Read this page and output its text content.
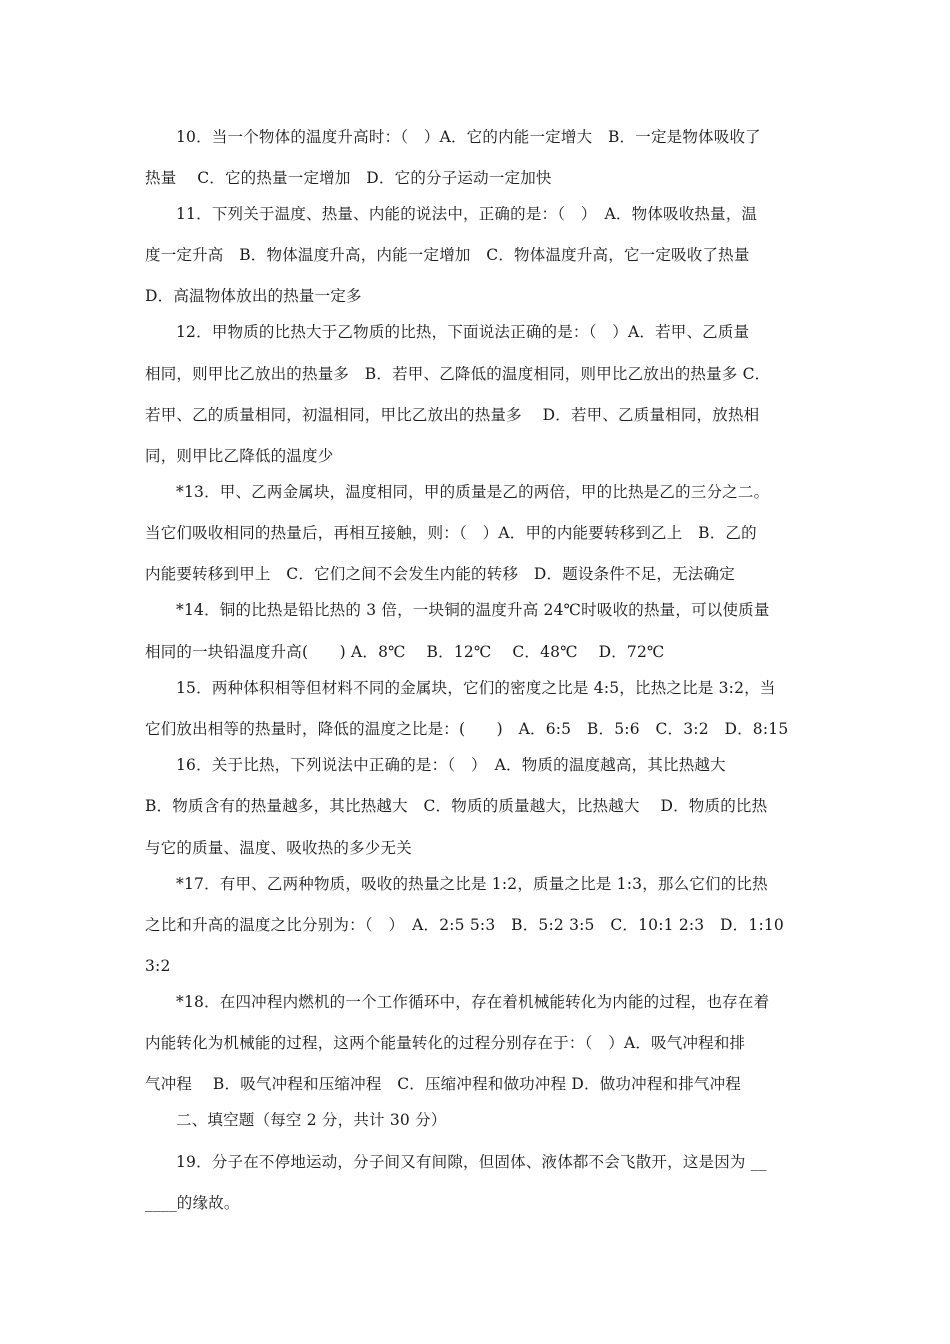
10．当一个物体的温度升高时：（　）A．它的内能一定增大　B．一定是物体吸收了
热量　 C．它的热量一定增加　D．它的分子运动一定加快
11．下列关于温度、热量、内能的说法中，正确的是：（　）　A．物体吸收热量，温
度一定升高　B．物体温度升高，内能一定增加　C．物体温度升高，它一定吸收了热量
D．高温物体放出的热量一定多
12．甲物质的比热大于乙物质的比热，下面说法正确的是：（　）A．若甲、乙质量
相同，则甲比乙放出的热量多　B．若甲、乙降低的温度相同，则甲比乙放出的热量多 C．
若甲、乙的质量相同，初温相同，甲比乙放出的热量多　 D．若甲、乙质量相同，放热相
同，则甲比乙降低的温度少
*13．甲、乙两金属块，温度相同，甲的质量是乙的两倍，甲的比热是乙的三分之二。
当它们吸收相同的热量后，再相互接触，则：（　）A．甲的内能要转移到乙上　B．乙的
内能要转移到甲上　C．它们之间不会发生内能的转移　D．题设条件不足，无法确定
*14．铜的比热是铅比热的 3 倍，一块铜的温度升高 24℃时吸收的热量，可以使质量
相同的一块铅温度升高(　　) A．8℃　 B．12℃　 C．48℃　 D．72℃
15．两种体积相等但材料不同的金属块，它们的密度之比是 4:5，比热之比是 3:2，当
它们放出相等的热量时，降低的温度之比是：(　　)　A．6:5　B．5:6　C．3:2　D．8:15
16．关于比热，下列说法中正确的是：（　）　A．物质的温度越高，其比热越大
B．物质含有的热量越多，其比热越大　C．物质的质量越大，比热越大　 D．物质的比热
与它的质量、温度、吸收热的多少无关
*17．有甲、乙两种物质，吸收的热量之比是 1:2，质量之比是 1:3，那么它们的比热
之比和升高的温度之比分别为：（　）　A．2:5 5:3　B．5:2 3:5　C．10:1 2:3　D．1:10
3:2
*18．在四冲程内燃机的一个工作循环中，存在着机械能转化为内能的过程，也存在着
内能转化为机械能的过程，这两个能量转化的过程分别存在于：（　）A．吸气冲程和排
气冲程　 B．吸气冲程和压缩冲程　C．压缩冲程和做功冲程 D．做功冲程和排气冲程
二、填空题（每空 2 分，共计 30 分）
19．分子在不停地运动，分子间又有间隙，但固体、液体都不会飞散开，这是因为 __
____的缘故。
